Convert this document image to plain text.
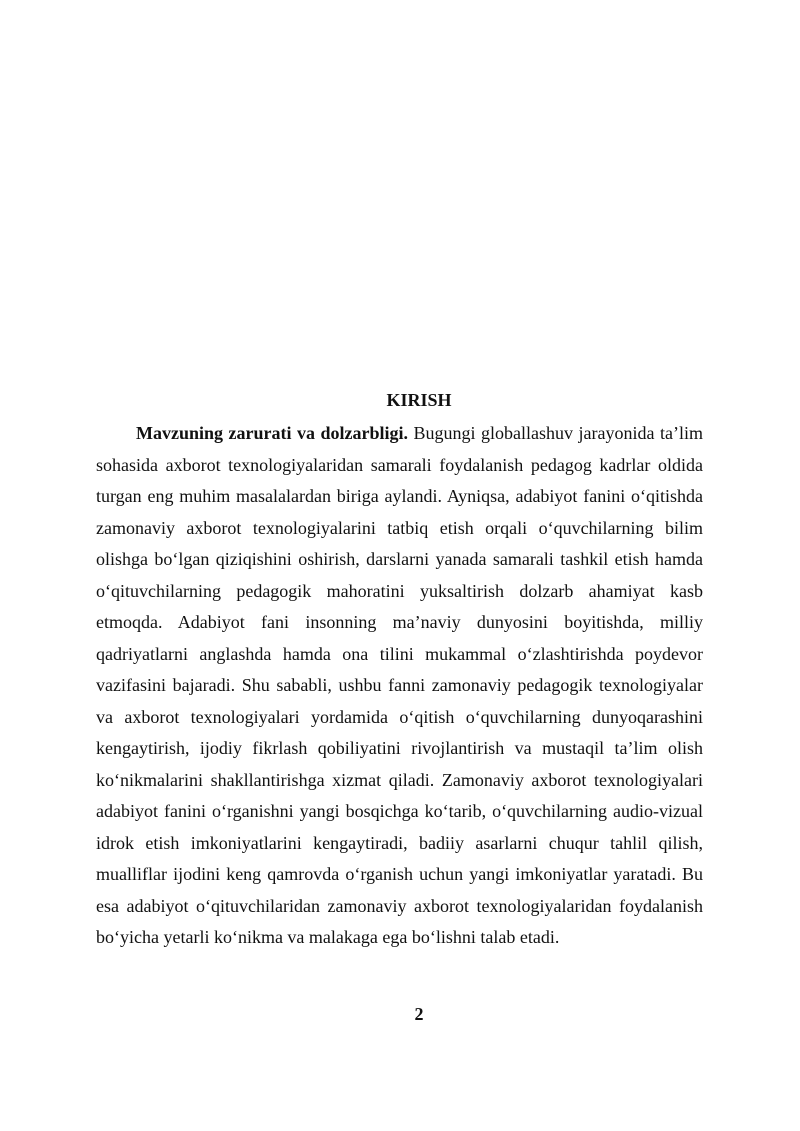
KIRISH

Mavzuning zarurati va dolzarbligi. Bugungi globallashuv jarayonida ta’lim sohasida axborot texnologiyalaridan samarali foydalanish pedagog kadrlar oldida turgan eng muhim masalalardan biriga aylandi. Ayniqsa, adabiyot fanini o‘qitishda zamonaviy axborot texnologiyalarini tatbiq etish orqali o‘quvchilarning bilim olishga bo‘lgan qiziqishini oshirish, darslarni yanada samarali tashkil etish hamda o‘qituvchilarning pedagogik mahoratini yuksaltirish dolzarb ahamiyat kasb etmoqda. Adabiyot fani insonning ma’naviy dunyosini boyitishda, milliy qadriyatlarni anglashda hamda ona tilini mukammal o‘zlashtirishda poydevor vazifasini bajaradi. Shu sababli, ushbu fanni zamonaviy pedagogik texnologiyalar va axborot texnologiyalari yordamida o‘qitish o‘quvchilarning dunyoqarashini kengaytirish, ijodiy fikrlash qobiliyatini rivojlantirish va mustaqil ta’lim olish ko‘nikmalarini shakllantirishga xizmat qiladi. Zamonaviy axborot texnologiyalari adabiyot fanini o‘rganishni yangi bosqichga ko‘tarib, o‘quvchilarning audio-vizual idrok etish imkoniyatlarini kengaytiradi, badiiy asarlarni chuqur tahlil qilish, mualliflar ijodini keng qamrovda o‘rganish uchun yangi imkoniyatlar yaratadi. Bu esa adabiyot o‘qituvchilaridan zamonaviy axborot texnologiyalaridan foydalanish bo‘yicha yetarli ko‘nikma va malakaga ega bo‘lishni talab etadi.

2
